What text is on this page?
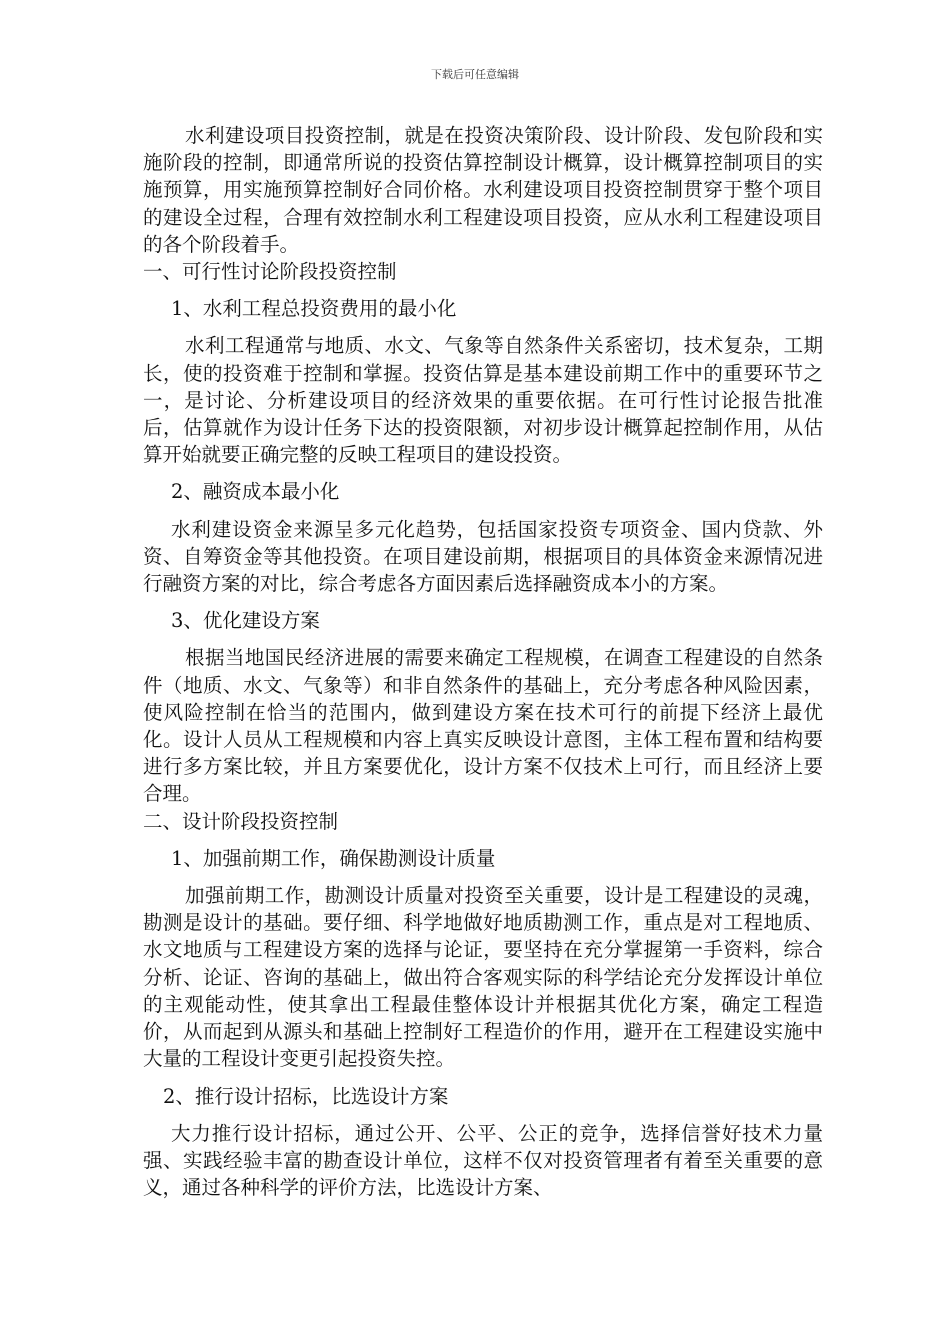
下载后可任意编辑

水利建设项目投资控制，就是在投资决策阶段、设计阶段、发包阶段和实施阶段的控制，即通常所说的投资估算控制设计概算，设计概算控制项目的实施预算，用实施预算控制好合同价格。水利建设项目投资控制贯穿于整个项目的建设全过程，合理有效控制水利工程建设项目投资，应从水利工程建设项目的各个阶段着手。

一、可行性讨论阶段投资控制

1、水利工程总投资费用的最小化

水利工程通常与地质、水文、气象等自然条件关系密切，技术复杂，工期长，使的投资难于控制和掌握。投资估算是基本建设前期工作中的重要环节之一，是讨论、分析建设项目的经济效果的重要依据。在可行性讨论报告批准后，估算就作为设计任务下达的投资限额，对初步设计概算起控制作用，从估算开始就要正确完整的反映工程项目的建设投资。

2、融资成本最小化

水利建设资金来源呈多元化趋势，包括国家投资专项资金、国内贷款、外资、自筹资金等其他投资。在项目建设前期，根据项目的具体资金来源情况进行融资方案的对比，综合考虑各方面因素后选择融资成本小的方案。

3、优化建设方案

根据当地国民经济进展的需要来确定工程规模，在调查工程建设的自然条件（地质、水文、气象等）和非自然条件的基础上，充分考虑各种风险因素，使风险控制在恰当的范围内，做到建设方案在技术可行的前提下经济上最优化。设计人员从工程规模和内容上真实反映设计意图，主体工程布置和结构要进行多方案比较，并且方案要优化，设计方案不仅技术上可行，而且经济上要合理。

二、设计阶段投资控制

1、加强前期工作，确保勘测设计质量

加强前期工作，勘测设计质量对投资至关重要，设计是工程建设的灵魂，勘测是设计的基础。要仔细、科学地做好地质勘测工作，重点是对工程地质、水文地质与工程建设方案的选择与论证，要坚持在充分掌握第一手资料，综合分析、论证、咨询的基础上，做出符合客观实际的科学结论充分发挥设计单位的主观能动性，使其拿出工程最佳整体设计并根据其优化方案，确定工程造价，从而起到从源头和基础上控制好工程造价的作用，避开在工程建设实施中大量的工程设计变更引起投资失控。

2、推行设计招标，比选设计方案

大力推行设计招标，通过公开、公平、公正的竞争，选择信誉好技术力量强、实践经验丰富的勘查设计单位，这样不仅对投资管理者有着至关重要的意义，通过各种科学的评价方法，比选设计方案、
